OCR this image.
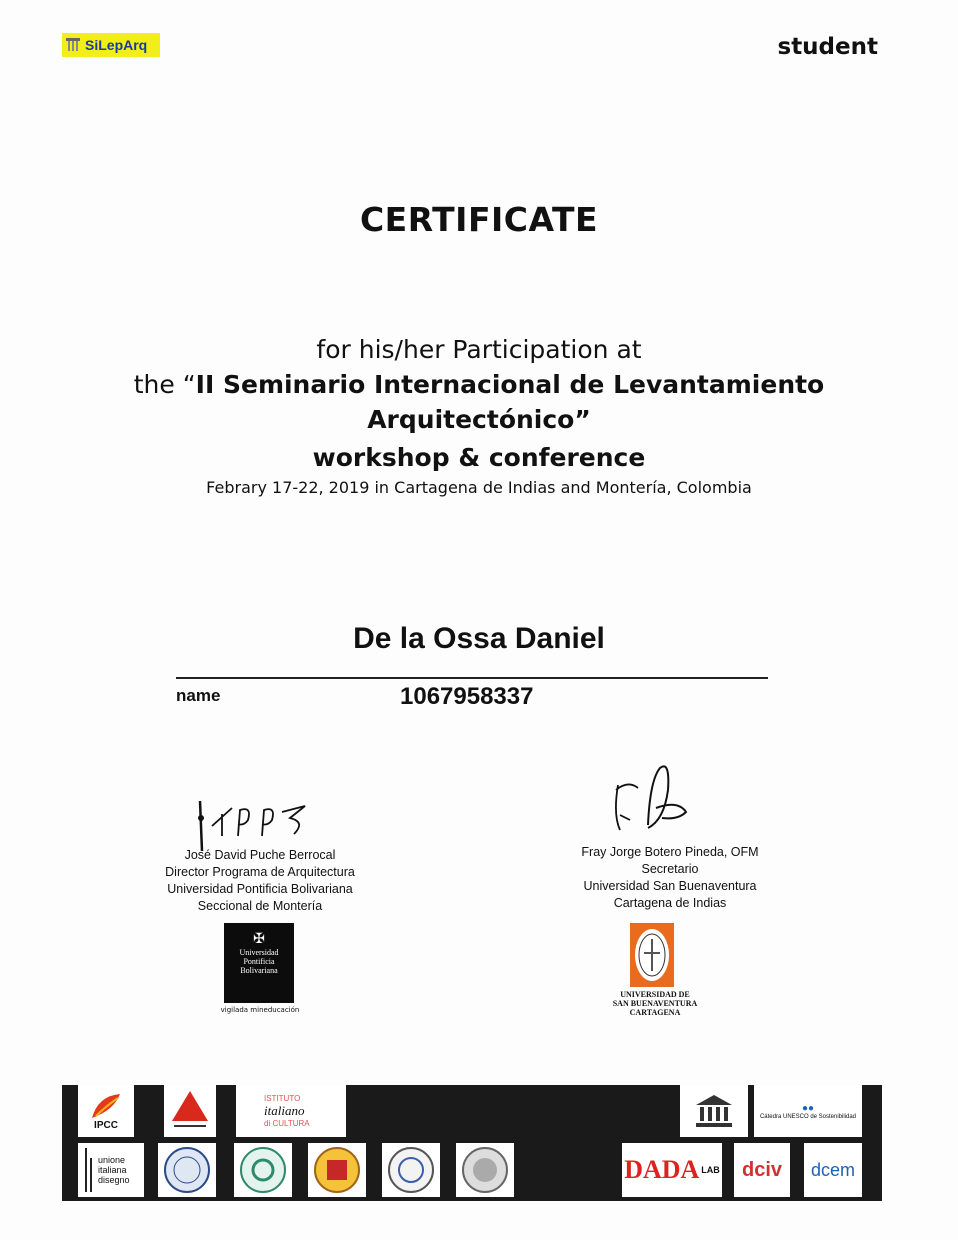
SiLepArq	student
CERTIFICATE
for his/her Participation at
the “II Seminario Internacional de Levantamiento
Arquitectónico”
workshop & conference
Febrary 17-22, 2019 in Cartagena de Indias and Montería, Colombia
De la Ossa Daniel
name	1067958337
José David Puche Berrocal
Director Programa de Arquitectura
Universidad Pontificia Bolivariana
Seccional de Montería
✠
Universidad
Pontificia
Bolivariana
vigilada mineducación
Fray Jorge Botero Pineda, OFM
Secretario
Universidad San Buenaventura
Cartagena de Indias
UNIVERSIDAD DE
SAN BUENAVENTURA
CARTAGENA
IPCC
ISTITUTO
italiano
di CULTURA
●●
Cátedra UNESCO de Sostenibilidad
unione
italiana
disegno	DADA LAB dciv dcem
